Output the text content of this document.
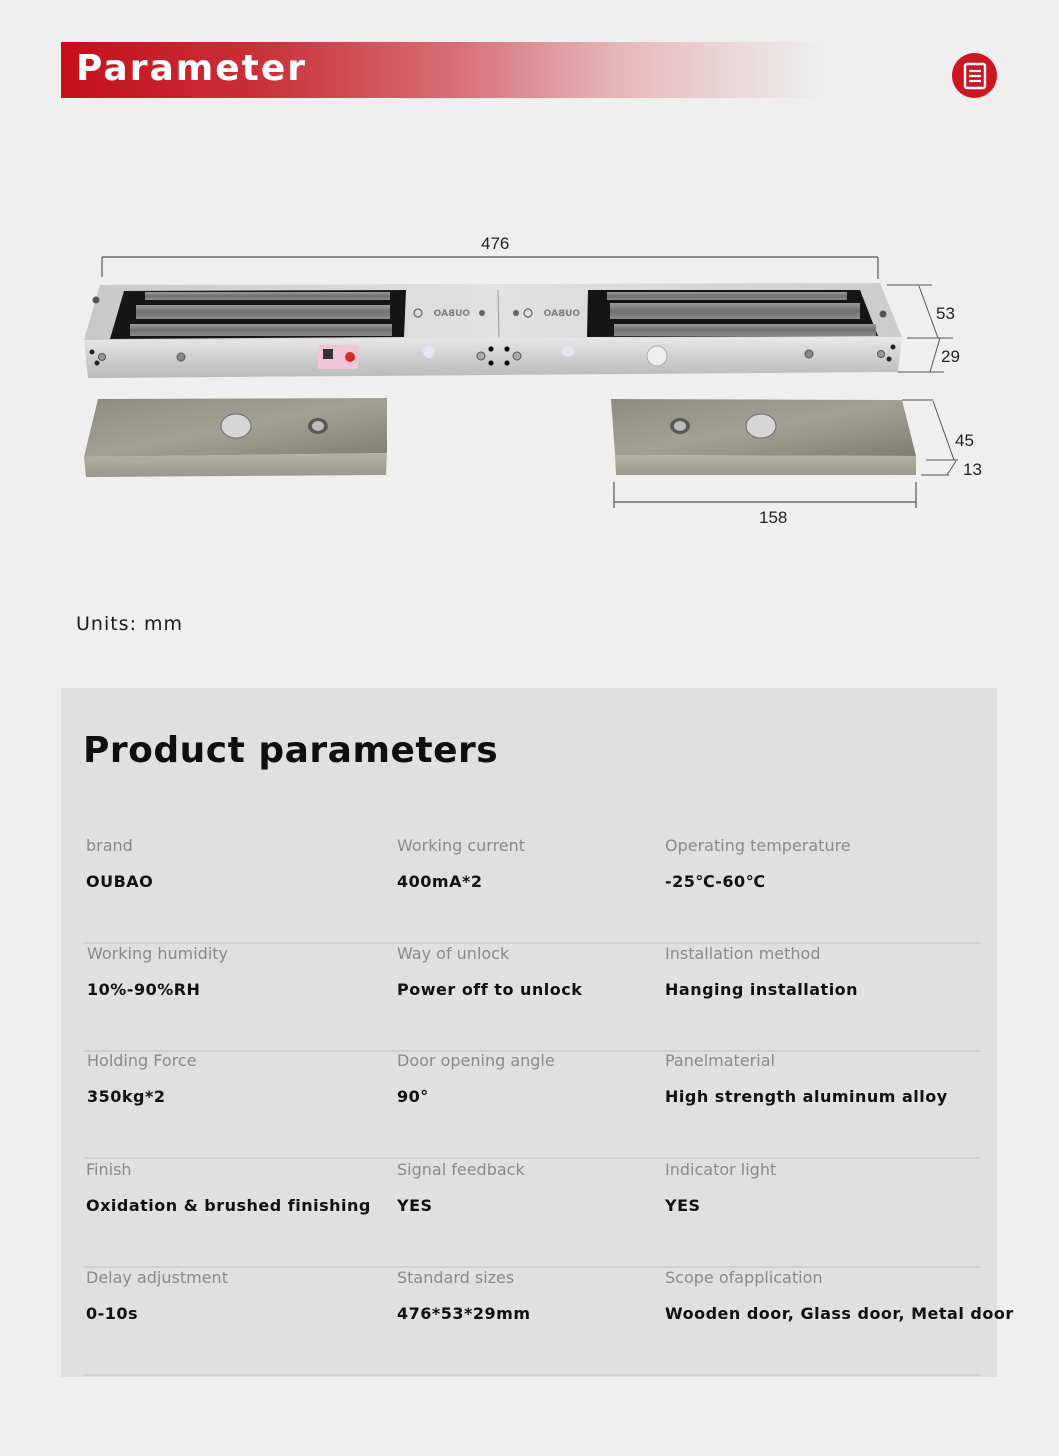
Parameter
OUBAO	OUBAO
476
53
29
45
13
158
Units: mm
Product parameters
brand
OUBAO
Working current
400mA*2
Operating temperature
-25℃-60℃
Working humidity
10%-90%RH
Way of unlock
Power off to unlock
Installation method
Hanging installation
Holding Force
350kg*2
Door opening angle
90°
Panelmaterial
High strength aluminum alloy
Finish
Oxidation & brushed finishing
Signal feedback
YES
Indicator light
YES
Delay adjustment
0-10s
Standard sizes
476*53*29mm
Scope ofapplication
Wooden door, Glass door, Metal door
